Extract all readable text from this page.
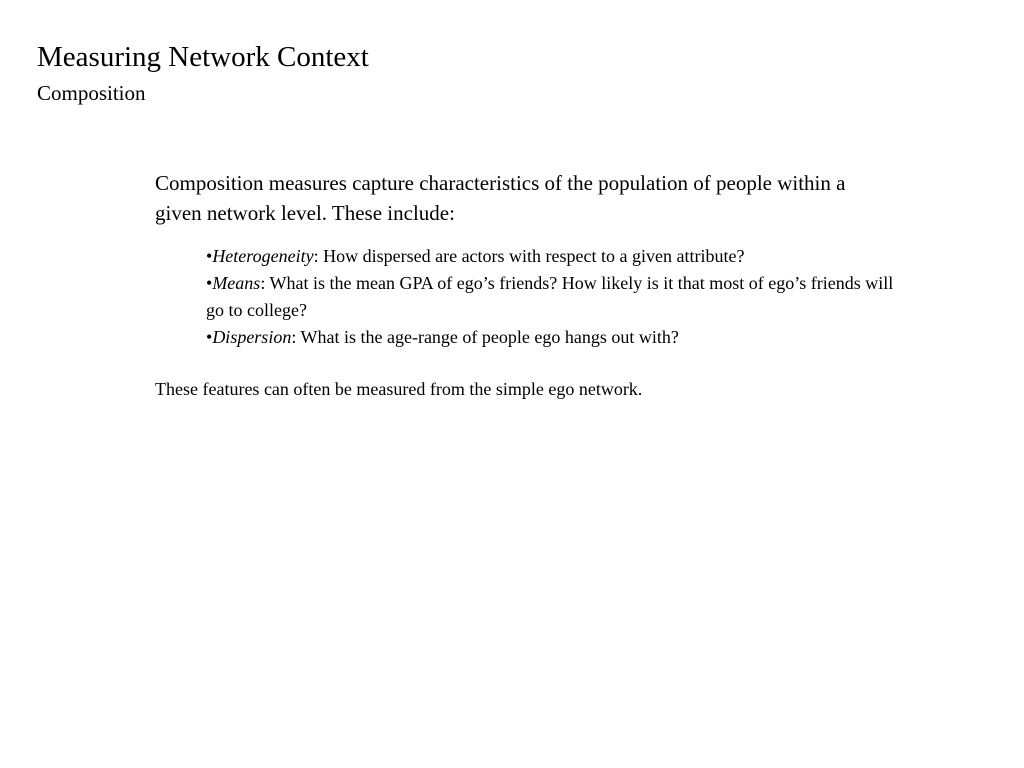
Measuring Network Context
Composition

Composition measures capture characteristics of the population of people within a given network level. These include:

•Heterogeneity: How dispersed are actors with respect to a given attribute?
•Means: What is the mean GPA of ego’s friends? How likely is it that most of ego’s friends will go to college?
•Dispersion: What is the age-range of people ego hangs out with?

These features can often be measured from the simple ego network.
